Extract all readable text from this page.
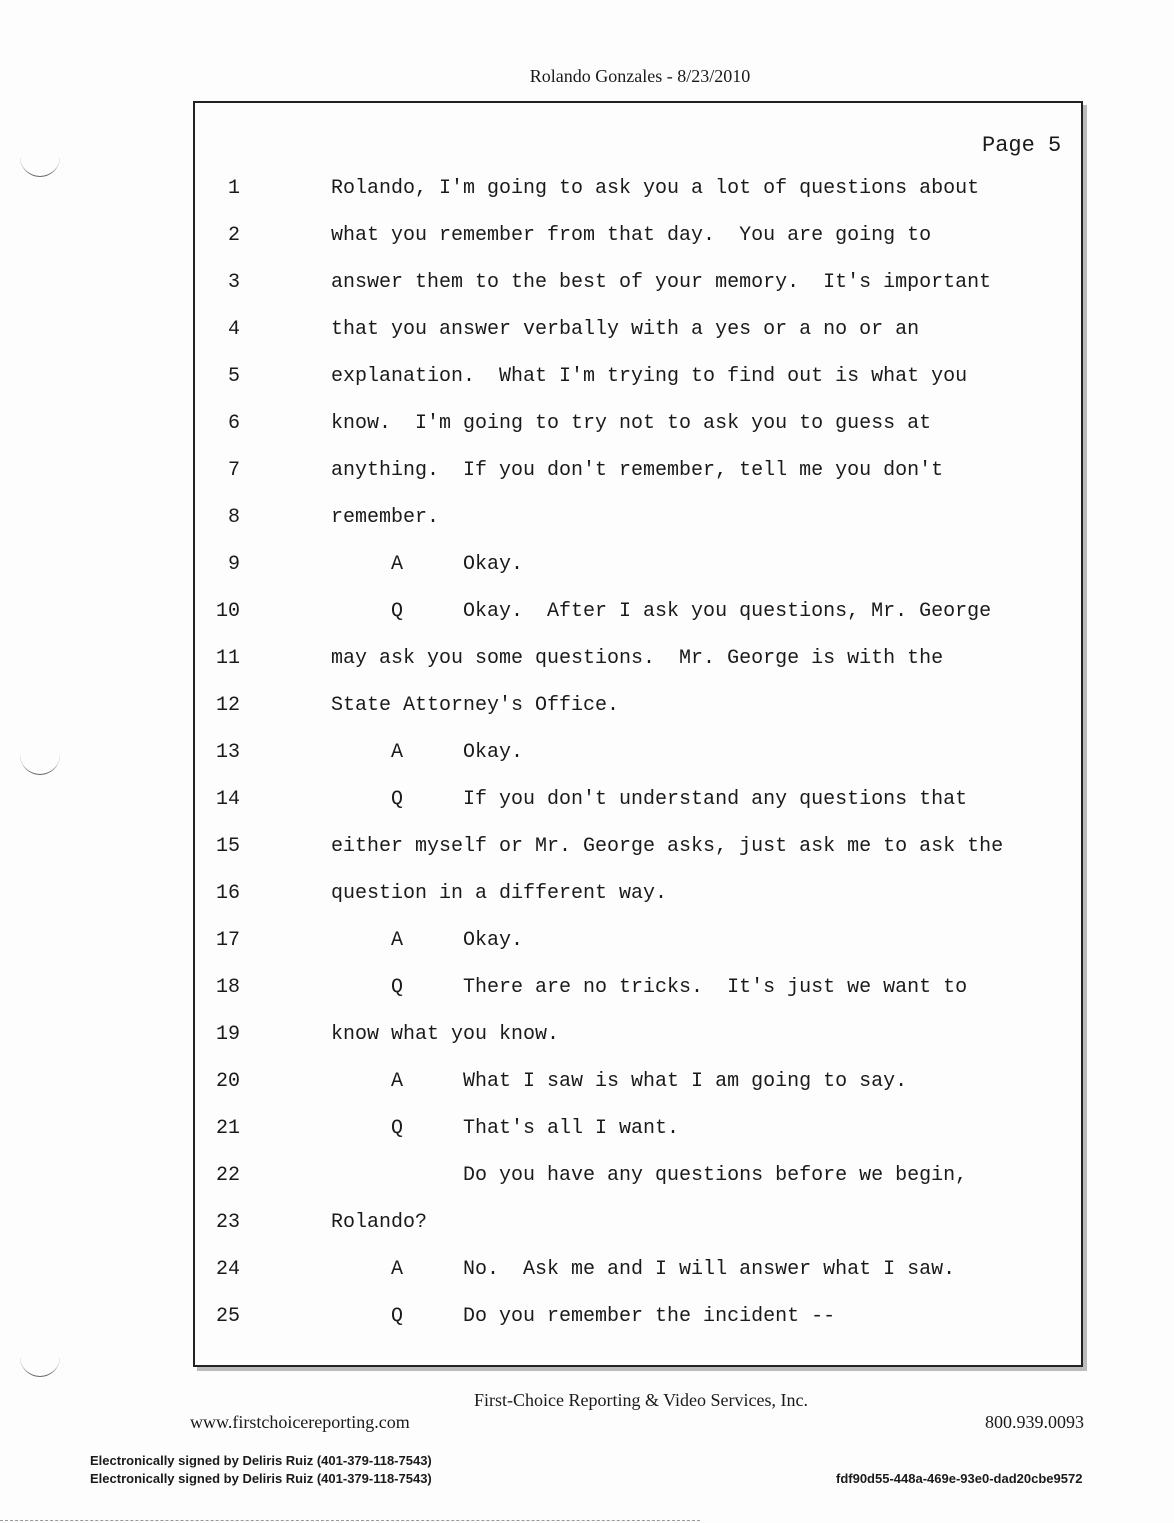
Rolando Gonzales - 8/23/2010
Page 5
1	Rolando, I'm going to ask you a lot of questions about
2	what you remember from that day.  You are going to
3	answer them to the best of your memory.  It's important
4	that you answer verbally with a yes or a no or an
5	explanation.  What I'm trying to find out is what you
6	know.  I'm going to try not to ask you to guess at
7	anything.  If you don't remember, tell me you don't
8	remember.
9	A     Okay.
10	Q     Okay.  After I ask you questions, Mr. George
11	may ask you some questions.  Mr. George is with the
12	State Attorney's Office.
13	A     Okay.
14	Q     If you don't understand any questions that
15	either myself or Mr. George asks, just ask me to ask the
16	question in a different way.
17	A     Okay.
18	Q     There are no tricks.  It's just we want to
19	know what you know.
20	A     What I saw is what I am going to say.
21	Q     That's all I want.
22	Do you have any questions before we begin,
23	Rolando?
24	A     No.  Ask me and I will answer what I saw.
25	Q     Do you remember the incident --
First-Choice Reporting & Video Services, Inc.
www.firstchoicereporting.com	800.939.0093
Electronically signed by Deliris Ruiz (401-379-118-7543)
Electronically signed by Deliris Ruiz (401-379-118-7543)	fdf90d55-448a-469e-93e0-dad20cbe9572
